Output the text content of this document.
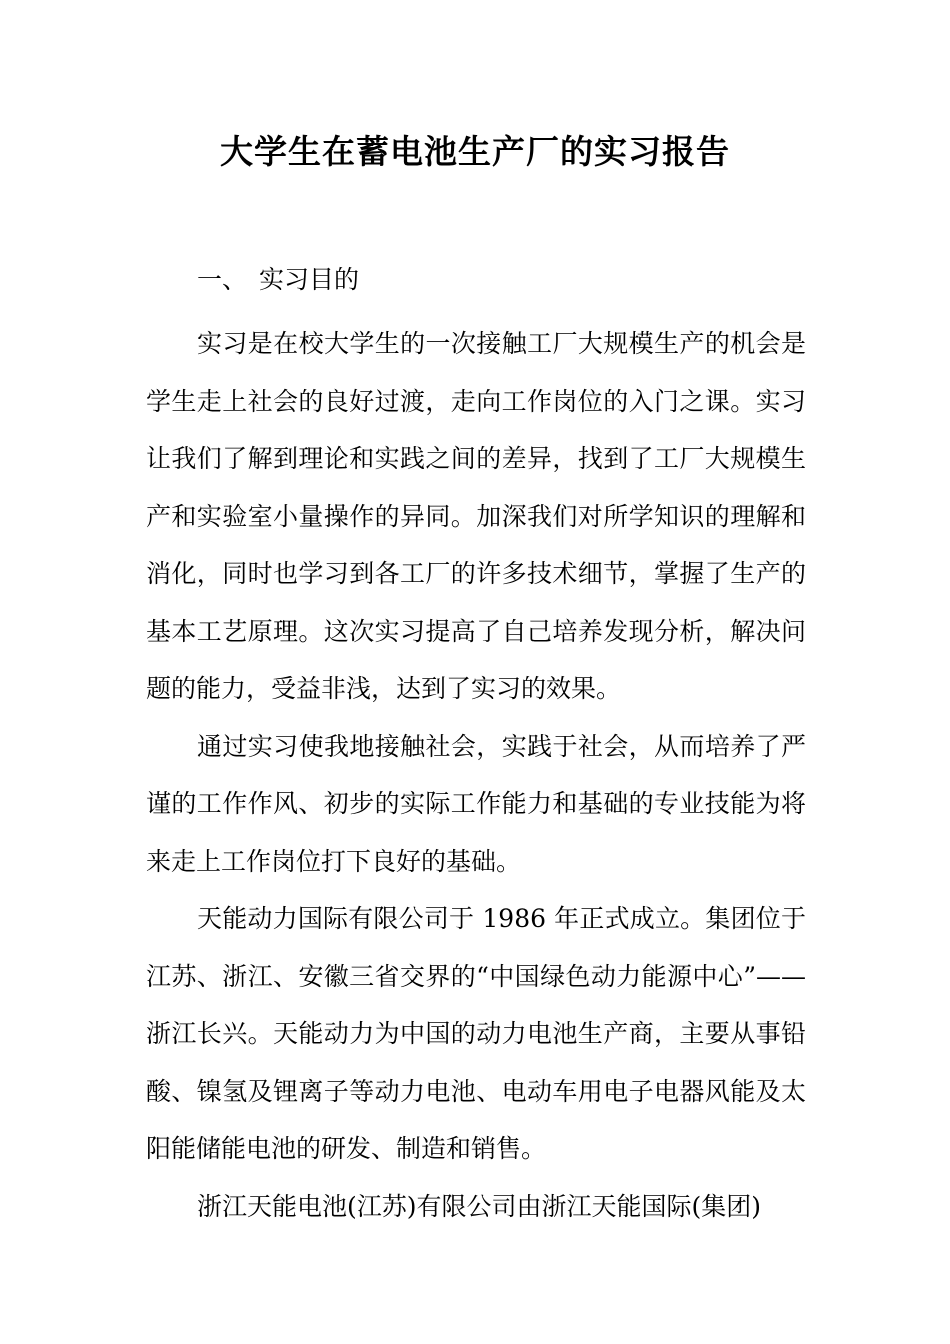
大学生在蓄电池生产厂的实习报告
一、 实习目的

实习是在校大学生的一次接触工厂大规模生产的机会是学生走上社会的良好过渡，走向工作岗位的入门之课。实习让我们了解到理论和实践之间的差异，找到了工厂大规模生产和实验室小量操作的异同。加深我们对所学知识的理解和消化，同时也学习到各工厂的许多技术细节，掌握了生产的基本工艺原理。这次实习提高了自己培养发现分析，解决问题的能力，受益非浅，达到了实习的效果。

通过实习使我地接触社会，实践于社会，从而培养了严谨的工作作风、初步的实际工作能力和基础的专业技能为将来走上工作岗位打下良好的基础。

天能动力国际有限公司于 1986 年正式成立。集团位于江苏、浙江、安徽三省交界的“中国绿色动力能源中心”——浙江长兴。天能动力为中国的动力电池生产商，主要从事铅酸、镍氢及锂离子等动力电池、电动车用电子电器风能及太阳能储能电池的研发、制造和销售。

浙江天能电池(江苏)有限公司由浙江天能国际(集团)
